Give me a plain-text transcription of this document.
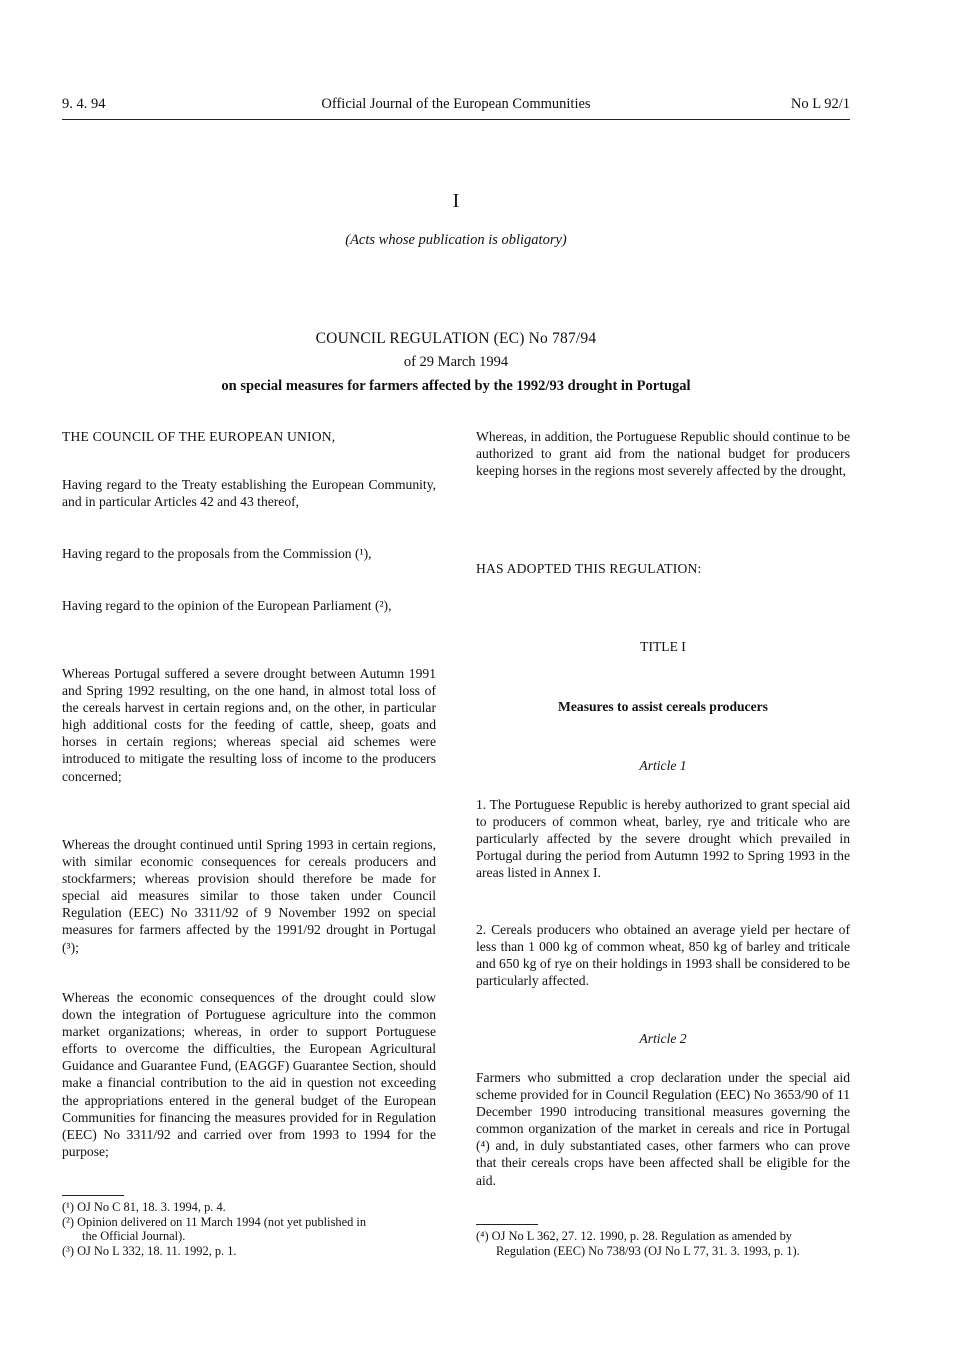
9. 4. 94	Official Journal of the European Communities	No L 92/1
I
(Acts whose publication is obligatory)
COUNCIL REGULATION (EC) No 787/94
of 29 March 1994
on special measures for farmers affected by the 1992/93 drought in Portugal

THE COUNCIL OF THE EUROPEAN UNION,

Having regard to the Treaty establishing the European Community, and in particular Articles 42 and 43 thereof,

Having regard to the proposals from the Commission (¹),

Having regard to the opinion of the European Parliament (²),

Whereas Portugal suffered a severe drought between Autumn 1991 and Spring 1992 resulting, on the one hand, in almost total loss of the cereals harvest in certain regions and, on the other, in particular high additional costs for the feeding of cattle, sheep, goats and horses in certain regions; whereas special aid schemes were introduced to mitigate the resulting loss of income to the producers concerned;

Whereas the drought continued until Spring 1993 in certain regions, with similar economic consequences for cereals producers and stockfarmers; whereas provision should therefore be made for special aid measures similar to those taken under Council Regulation (EEC) No 3311/92 of 9 November 1992 on special measures for farmers affected by the 1991/92 drought in Portugal (³);

Whereas the economic consequences of the drought could slow down the integration of Portuguese agriculture into the common market organizations; whereas, in order to support Portuguese efforts to overcome the difficulties, the European Agricultural Guidance and Guarantee Fund, (EAGGF) Guarantee Section, should make a financial contribution to the aid in question not exceeding the appropriations entered in the general budget of the European Communities for financing the measures provided for in Regulation (EEC) No 3311/92 and carried over from 1993 to 1994 for the purpose;

(¹) OJ No C 81, 18. 3. 1994, p. 4.
(²) Opinion delivered on 11 March 1994 (not yet published in
the Official Journal).
(³) OJ No L 332, 18. 11. 1992, p. 1.

Whereas, in addition, the Portuguese Republic should continue to be authorized to grant aid from the national budget for producers keeping horses in the regions most severely affected by the drought,

HAS ADOPTED THIS REGULATION:

TITLE I

Measures to assist cereals producers

Article 1

1. The Portuguese Republic is hereby authorized to grant special aid to producers of common wheat, barley, rye and triticale who are particularly affected by the severe drought which prevailed in Portugal during the period from Autumn 1992 to Spring 1993 in the areas listed in Annex I.

2. Cereals producers who obtained an average yield per hectare of less than 1 000 kg of common wheat, 850 kg of barley and triticale and 650 kg of rye on their holdings in 1993 shall be considered to be particularly affected.

Article 2

Farmers who submitted a crop declaration under the special aid scheme provided for in Council Regulation (EEC) No 3653/90 of 11 December 1990 introducing transitional measures governing the common organization of the market in cereals and rice in Portugal (⁴) and, in duly substantiated cases, other farmers who can prove that their cereals crops have been affected shall be eligible for the aid.

(⁴) OJ No L 362, 27. 12. 1990, p. 28. Regulation as amended by
Regulation (EEC) No 738/93 (OJ No L 77, 31. 3. 1993, p. 1).
